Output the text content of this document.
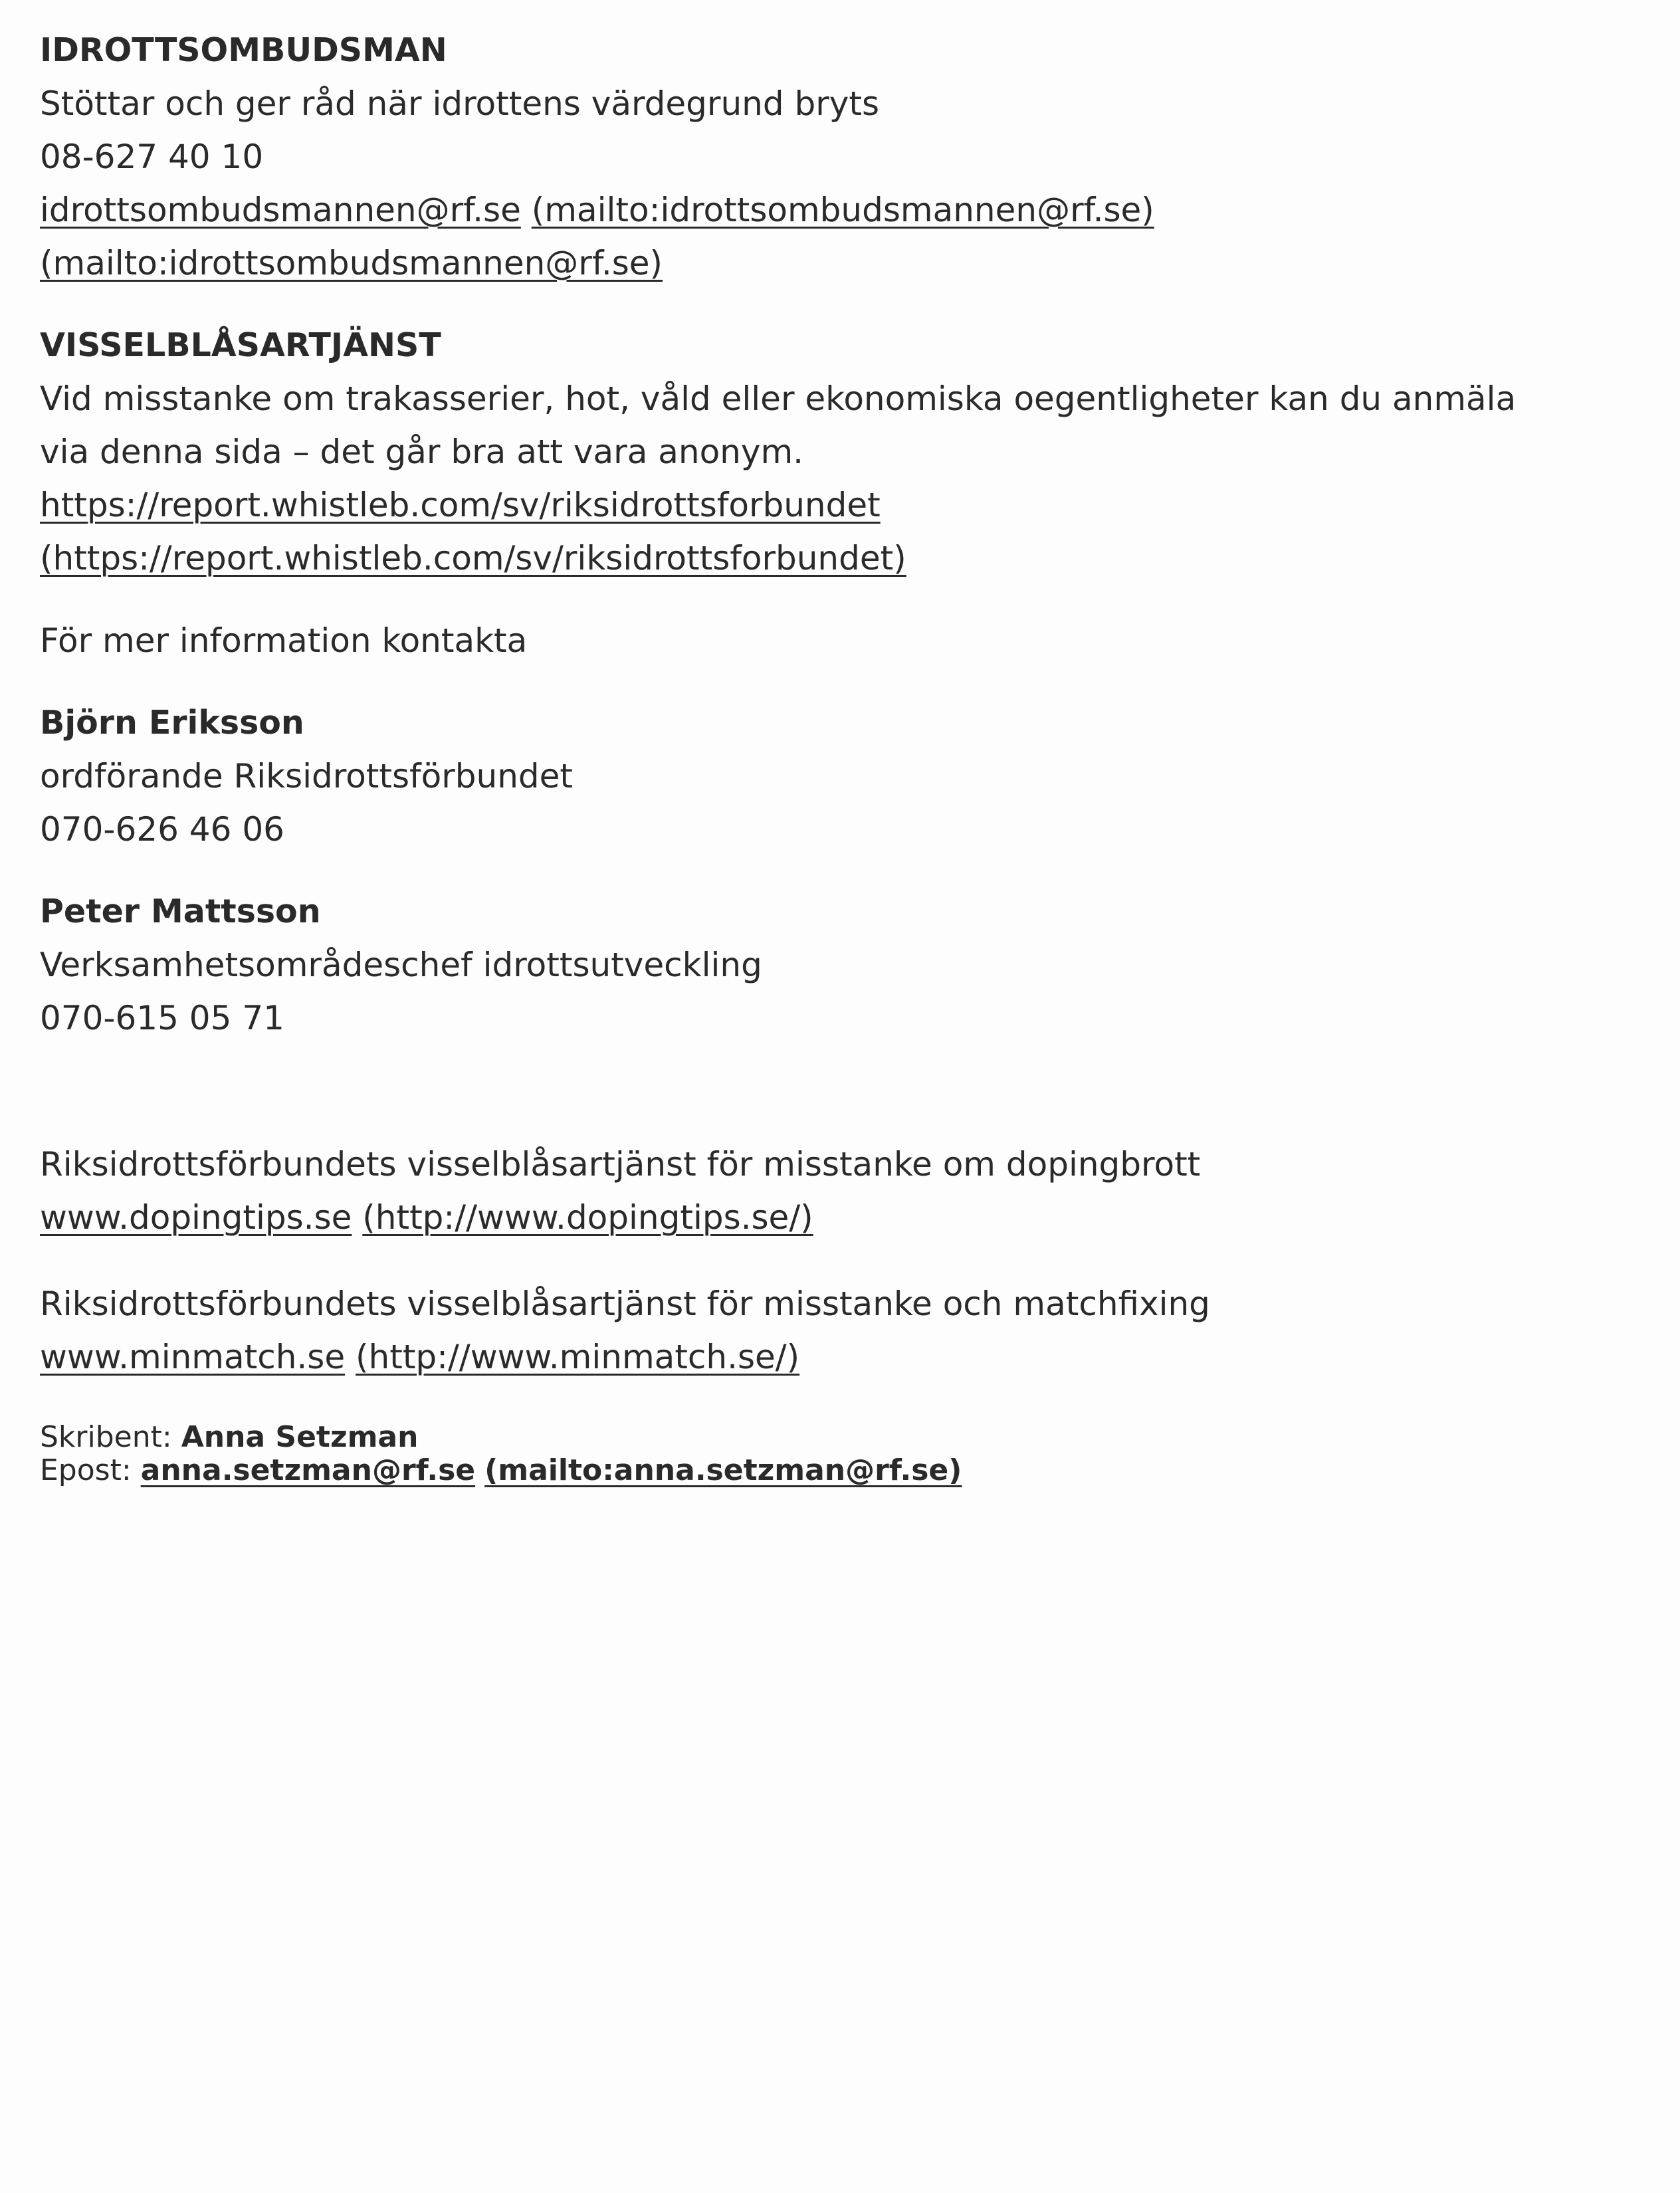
IDROTTSOMBUDSMAN

Stöttar och ger råd när idrottens värdegrund bryts

08-627 40 10

idrottsombudsmannen@rf.se (mailto:idrottsombudsmannen@rf.se)

(mailto:idrottsombudsmannen@rf.se)

VISSELBLÅSARTJÄNST

Vid misstanke om trakasserier, hot, våld eller ekonomiska oegentligheter kan du anmäla

via denna sida – det går bra att vara anonym.

https://report.whistleb.com/sv/riksidrottsforbundet

(https://report.whistleb.com/sv/riksidrottsforbundet)

För mer information kontakta

Björn Eriksson

ordförande Riksidrottsförbundet

070-626 46 06

Peter Mattsson

Verksamhetsområdeschef idrottsutveckling

070-615 05 71

Riksidrottsförbundets visselblåsartjänst för misstanke om dopingbrott

www.dopingtips.se (http://www.dopingtips.se/)

Riksidrottsförbundets visselblåsartjänst för misstanke och matchfixing

www.minmatch.se (http://www.minmatch.se/)

Skribent: Anna Setzman

Epost: anna.setzman@rf.se (mailto:anna.setzman@rf.se)
